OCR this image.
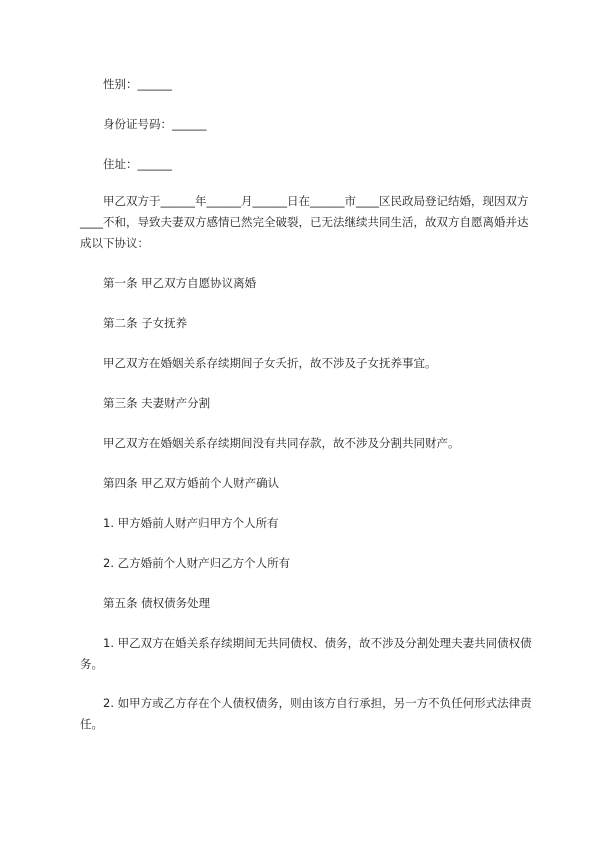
性别：______

身份证号码：______

住址：______

甲乙双方于______年______月______日在______市____区民政局登记结婚，现因双方____不和，导致夫妻双方感情已然完全破裂，已无法继续共同生活，故双方自愿离婚并达成以下协议：

第一条 甲乙双方自愿协议离婚

第二条 子女抚养

甲乙双方在婚姻关系存续期间子女夭折，故不涉及子女抚养事宜。

第三条 夫妻财产分割

甲乙双方在婚姻关系存续期间没有共同存款，故不涉及分割共同财产。

第四条 甲乙双方婚前个人财产确认

1. 甲方婚前人财产归甲方个人所有

2. 乙方婚前个人财产归乙方个人所有

第五条 债权债务处理

1. 甲乙双方在婚关系存续期间无共同债权、债务，故不涉及分割处理夫妻共同债权债务。

2. 如甲方或乙方存在个人债权债务，则由该方自行承担，另一方不负任何形式法律责任。
